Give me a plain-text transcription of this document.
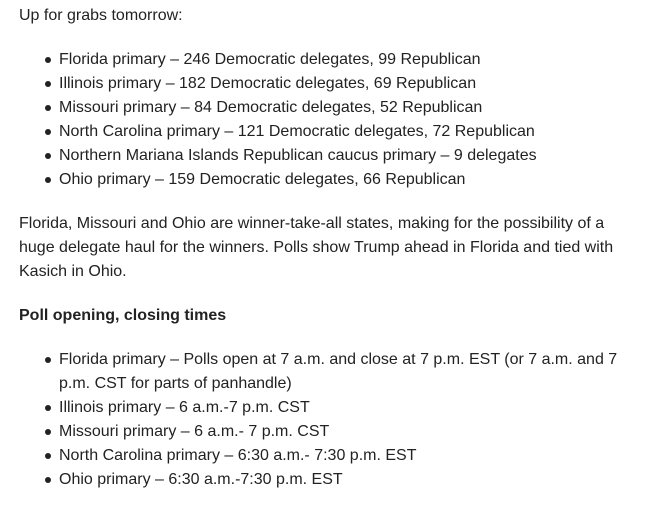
Up for grabs tomorrow:

Florida primary – 246 Democratic delegates, 99 Republican
Illinois primary – 182 Democratic delegates, 69 Republican
Missouri primary – 84 Democratic delegates, 52 Republican
North Carolina primary – 121 Democratic delegates, 72 Republican
Northern Mariana Islands Republican caucus primary – 9 delegates
Ohio primary – 159 Democratic delegates, 66 Republican

Florida, Missouri and Ohio are winner-take-all states, making for the possibility of a huge delegate haul for the winners. Polls show Trump ahead in Florida and tied with Kasich in Ohio.

Poll opening, closing times

Florida primary – Polls open at 7 a.m. and close at 7 p.m. EST (or 7 a.m. and 7 p.m. CST for parts of panhandle)
Illinois primary – 6 a.m.-7 p.m. CST
Missouri primary – 6 a.m.- 7 p.m. CST
North Carolina primary – 6:30 a.m.- 7:30 p.m. EST
Ohio primary – 6:30 a.m.-7:30 p.m. EST
